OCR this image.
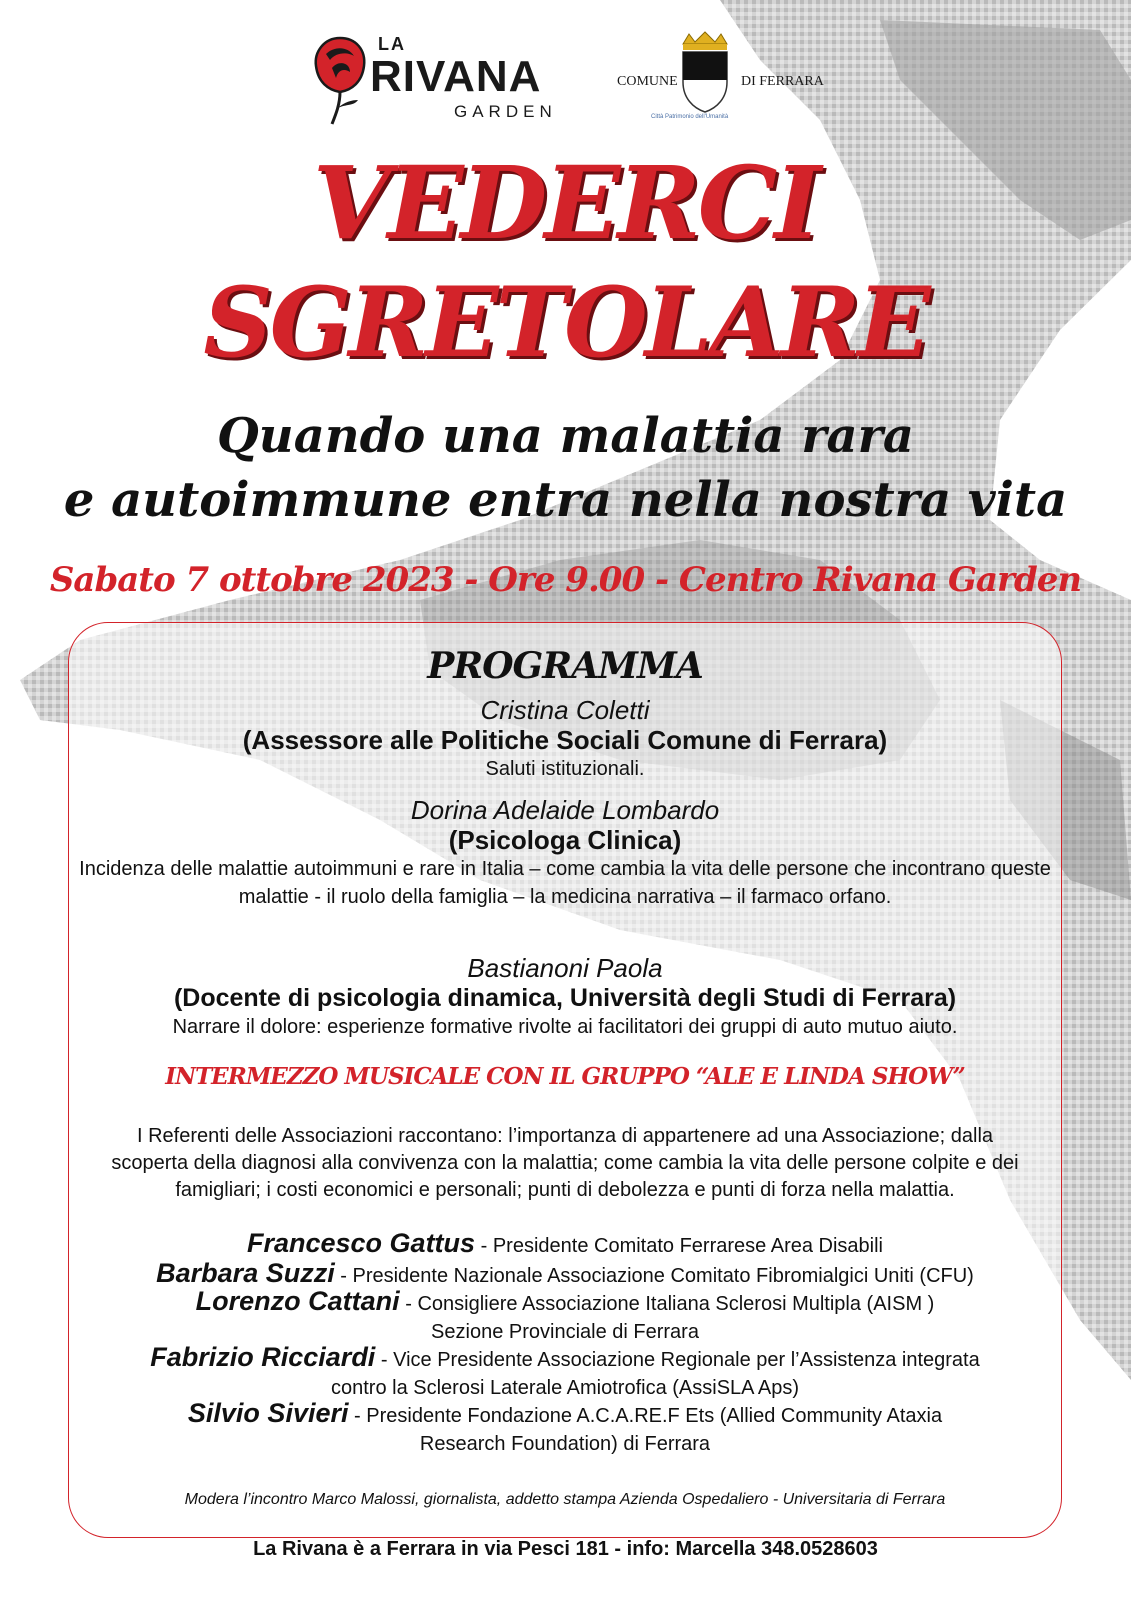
LA
RIVANA
GARDEN
COMUNE	DI FERRARA
Città Patrimonio dell'Umanità
VEDERCI
SGRETOLARE
Quando una malattia rara
e autoimmune entra nella nostra vita
Sabato 7 ottobre 2023 - Ore 9.00 - Centro Rivana Garden
PROGRAMMA
Cristina Coletti
(Assessore alle Politiche Sociali Comune di Ferrara)
Saluti istituzionali.
Dorina Adelaide Lombardo
(Psicologa Clinica)
Incidenza delle malattie autoimmuni e rare in Italia – come cambia la vita delle persone che incontrano queste malattie - il ruolo della famiglia – la medicina narrativa – il farmaco orfano.
Bastianoni Paola
(Docente di psicologia dinamica, Università degli Studi di Ferrara)
Narrare il dolore: esperienze formative rivolte ai facilitatori dei gruppi di auto mutuo aiuto.
INTERMEZZO MUSICALE CON IL GRUPPO “ALE E LINDA SHOW”
I Referenti delle Associazioni raccontano: l’importanza di appartenere ad una Associazione; dalla scoperta della diagnosi alla convivenza con la malattia; come cambia la vita delle persone colpite e dei famigliari; i costi economici e personali; punti di debolezza e punti di forza nella malattia.
Francesco Gattus - Presidente Comitato Ferrarese Area Disabili
Barbara Suzzi - Presidente Nazionale Associazione Comitato Fibromialgici Uniti (CFU)
Lorenzo Cattani - Consigliere Associazione Italiana Sclerosi Multipla (AISM ) Sezione Provinciale di Ferrara
Fabrizio Ricciardi - Vice Presidente Associazione Regionale per l’Assistenza integrata contro la Sclerosi Laterale Amiotrofica (AssiSLA Aps)
Silvio Sivieri - Presidente Fondazione A.C.A.RE.F Ets (Allied Community Ataxia Research Foundation) di Ferrara
Modera l’incontro Marco Malossi, giornalista, addetto stampa Azienda Ospedaliero - Universitaria di Ferrara
La Rivana è a Ferrara in via Pesci 181 - info: Marcella 348.0528603
